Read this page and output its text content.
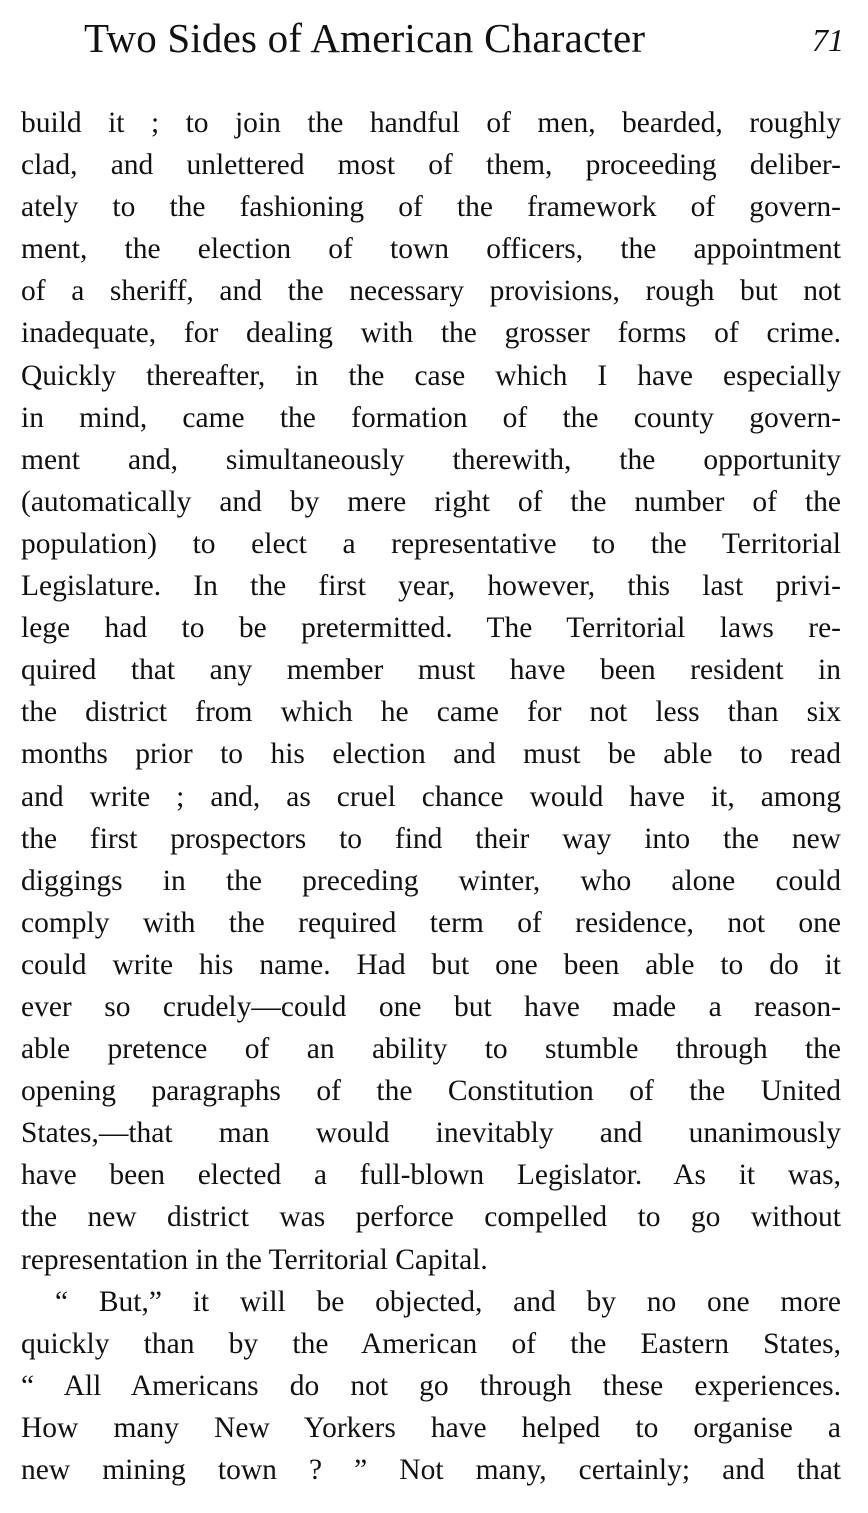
Two Sides of American Character	71
build it ; to join the handful of men, bearded, roughly
clad, and unlettered most of them, proceeding deliber-
ately to the fashioning of the framework of govern-
ment, the election of town officers, the appointment
of a sheriff, and the necessary provisions, rough but not
inadequate, for dealing with the grosser forms of crime.
Quickly thereafter, in the case which I have especially
in mind, came the formation of the county govern-
ment and, simultaneously therewith, the opportunity
(automatically and by mere right of the number of the
population) to elect a representative to the Territorial
Legislature. In the first year, however, this last privi-
lege had to be pretermitted. The Territorial laws re-
quired that any member must have been resident in
the district from which he came for not less than six
months prior to his election and must be able to read
and write ; and, as cruel chance would have it, among
the first prospectors to find their way into the new
diggings in the preceding winter, who alone could
comply with the required term of residence, not one
could write his name. Had but one been able to do it
ever so crudely—could one but have made a reason-
able pretence of an ability to stumble through the
opening paragraphs of the Constitution of the United
States,—that man would inevitably and unanimously
have been elected a full-blown Legislator. As it was,
the new district was perforce compelled to go without
representation in the Territorial Capital.
“ But,” it will be objected, and by no one more
quickly than by the American of the Eastern States,
“ All Americans do not go through these experiences.
How many New Yorkers have helped to organise a
new mining town ? ” Not many, certainly; and that
